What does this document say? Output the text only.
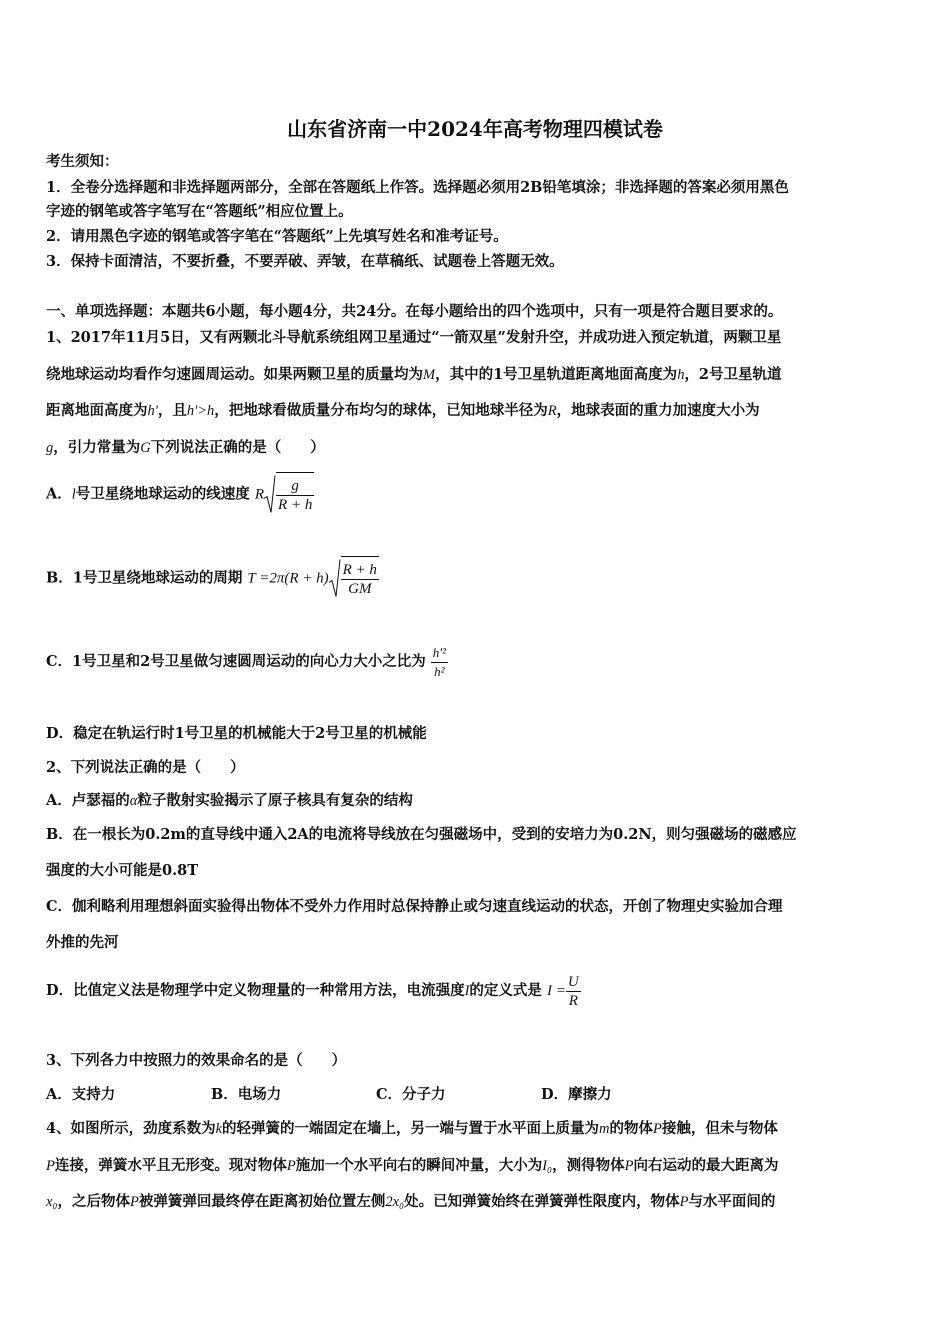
山东省济南一中2024年高考物理四模试卷
考生须知：
1．全卷分选择题和非选择题两部分，全部在答题纸上作答。选择题必须用2B铅笔填涂；非选择题的答案必须用黑色
字迹的钢笔或答字笔写在“答题纸”相应位置上。
2．请用黑色字迹的钢笔或答字笔在“答题纸”上先填写姓名和准考证号。
3．保持卡面清洁，不要折叠，不要弄破、弄皱，在草稿纸、试题卷上答题无效。
一、单项选择题：本题共6小题，每小题4分，共24分。在每小题给出的四个选项中，只有一项是符合题目要求的。
1、2017年11月5日，又有两颗北斗导航系统组网卫星通过“一箭双星”发射升空，并成功进入预定轨道，两颗卫星
绕地球运动均看作匀速圆周运动。如果两颗卫星的质量均为M，其中的1号卫星轨道距离地面高度为h，2号卫星轨道
距离地面高度为h'，且h'>h，把地球看做质量分布均匀的球体，已知地球半径为R，地球表面的重力加速度大小为
g，引力常量为G下列说法正确的是（　　）
A．l号卫星绕地球运动的线速度 R $\frac{g}{R + h}$
B．1号卫星绕地球运动的周期 $T =2\pi(R + h) \frac{R + h}{GM}$
C．1号卫星和2号卫星做匀速圆周运动的向心力大小之比为 $\frac{\text{h'²}}{\text{h²}}$
D．稳定在轨运行时1号卫星的机械能大于2号卫星的机械能
2、下列说法正确的是（　　）
A．卢瑟福的α粒子散射实验揭示了原子核具有复杂的结构
B．在一根长为0.2m的直导线中通入2A的电流将导线放在匀强磁场中，受到的安培力为0.2N，则匀强磁场的磁感应
强度的大小可能是0.8T
C．伽利略利用理想斜面实验得出物体不受外力作用时总保持静止或匀速直线运动的状态，开创了物理史实验加合理
外推的先河
D．比值定义法是物理学中定义物理量的一种常用方法，电流强度I的定义式是 $I = \frac{U}{R}$
3、下列各力中按照力的效果命名的是（　　）
A．支持力	B．电场力	C．分子力	D．摩擦力
4、如图所示，劲度系数为k的轻弹簧的一端固定在墙上，另一端与置于水平面上质量为m的物体P接触，但未与物体
P连接，弹簧水平且无形变。现对物体P施加一个水平向右的瞬间冲量，大小为I₀，测得物体P向右运动的最大距离为
x₀，之后物体P被弹簧弹回最终停在距离初始位置左侧2x₀处。已知弹簧始终在弹簧弹性限度内，物体P与水平面间的
